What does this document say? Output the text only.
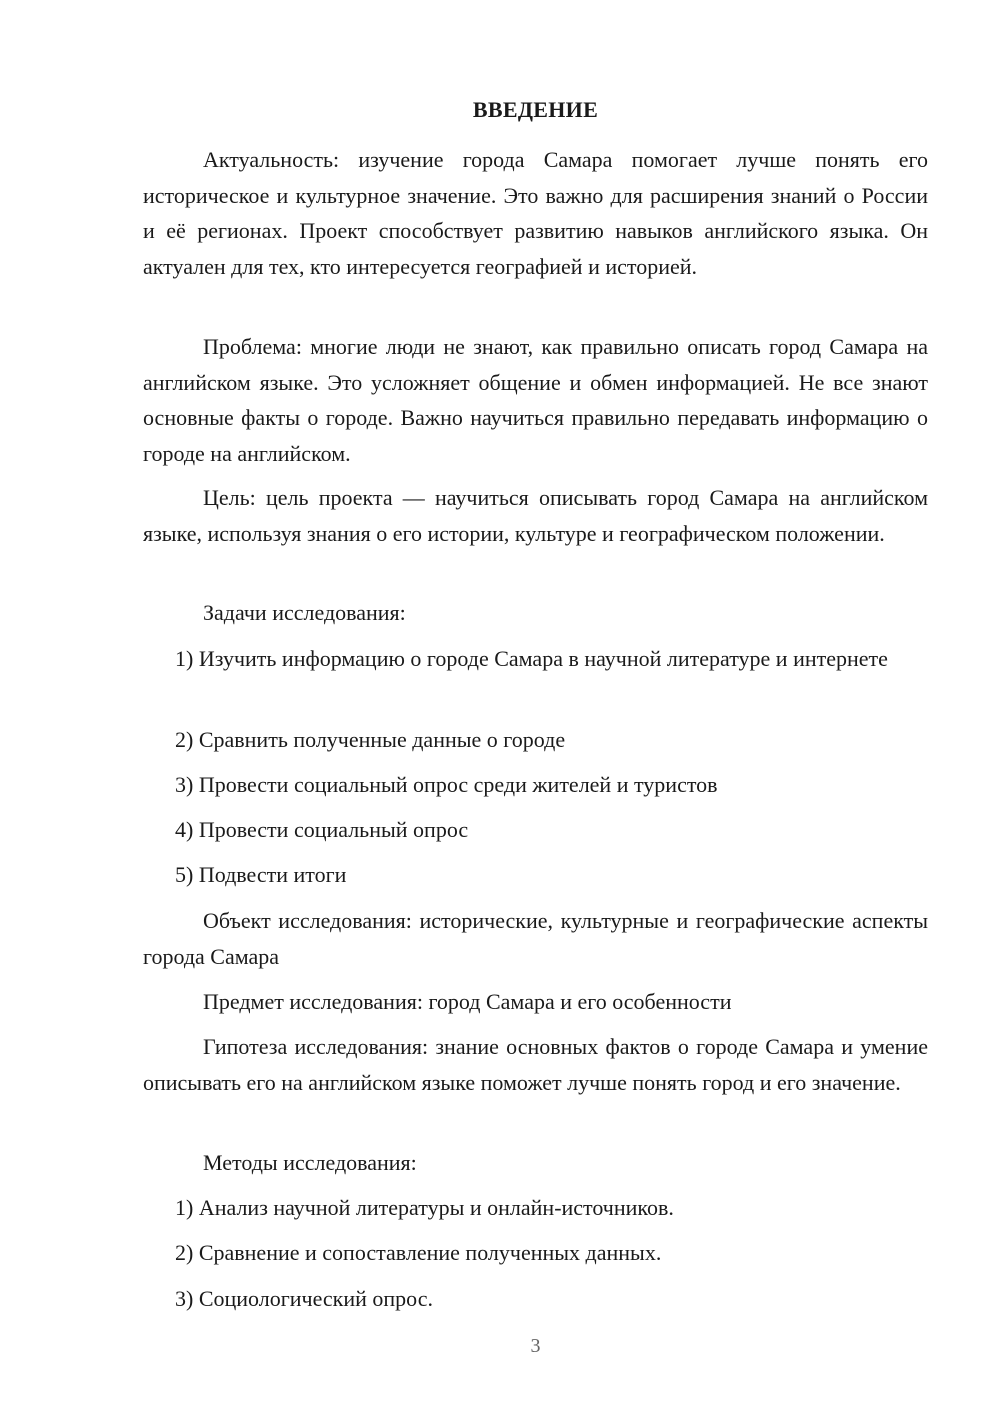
ВВЕДЕНИЕ

Актуальность: изучение города Самара помогает лучше понять его историческое и культурное значение. Это важно для расширения знаний о России и её регионах. Проект способствует развитию навыков английского языка. Он актуален для тех, кто интересуется географией и историей.

Проблема: многие люди не знают, как правильно описать город Самара на английском языке. Это усложняет общение и обмен информацией. Не все знают основные факты о городе. Важно научиться правильно передавать информацию о городе на английском.

Цель: цель проекта — научиться описывать город Самара на английском языке, используя знания о его истории, культуре и географическом положении.

Задачи исследования:

1) Изучить информацию о городе Самара в научной литературе и интернете

2) Сравнить полученные данные о городе

3) Провести социальный опрос среди жителей и туристов

4) Провести социальный опрос

5) Подвести итоги

Объект исследования: исторические, культурные и географические аспекты города Самара

Предмет исследования: город Самара и его особенности

Гипотеза исследования: знание основных фактов о городе Самара и умение описывать его на английском языке поможет лучше понять город и его значение.

Методы исследования:

1) Анализ научной литературы и онлайн-источников.

2) Сравнение и сопоставление полученных данных.

3) Социологический опрос.

3
